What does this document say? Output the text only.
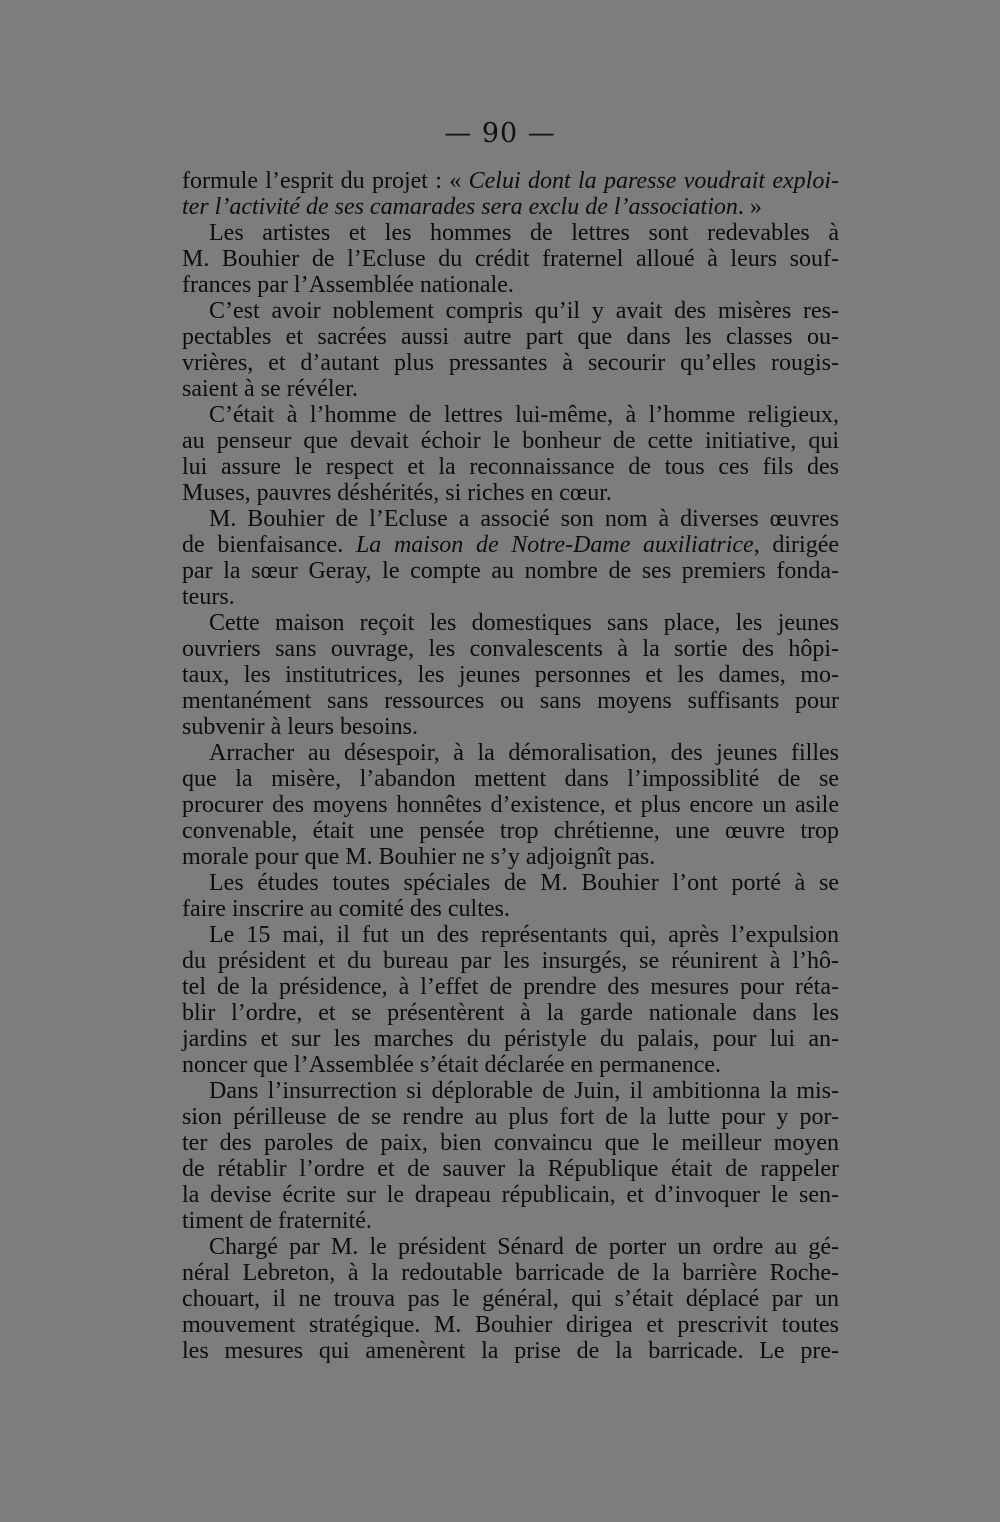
— 90 —
formule l’esprit du projet : « Celui dont la paresse voudrait exploi-
ter l’activité de ses camarades sera exclu de l’association. »
Les artistes et les hommes de lettres sont redevables à
M. Bouhier de l’Ecluse du crédit fraternel alloué à leurs souf-
frances par l’Assemblée nationale.
C’est avoir noblement compris qu’il y avait des misères res-
pectables et sacrées aussi autre part que dans les classes ou-
vrières, et d’autant plus pressantes à secourir qu’elles rougis-
saient à se révéler.
C’était à l’homme de lettres lui-même, à l’homme religieux,
au penseur que devait échoir le bonheur de cette initiative, qui
lui assure le respect et la reconnaissance de tous ces fils des
Muses, pauvres déshérités, si riches en cœur.
M. Bouhier de l’Ecluse a associé son nom à diverses œuvres
de bienfaisance. La maison de Notre-Dame auxiliatrice, dirigée
par la sœur Geray, le compte au nombre de ses premiers fonda-
teurs.
Cette maison reçoit les domestiques sans place, les jeunes
ouvriers sans ouvrage, les convalescents à la sortie des hôpi-
taux, les institutrices, les jeunes personnes et les dames, mo-
mentanément sans ressources ou sans moyens suffisants pour
subvenir à leurs besoins.
Arracher au désespoir, à la démoralisation, des jeunes filles
que la misère, l’abandon mettent dans l’impossiblité de se
procurer des moyens honnêtes d’existence, et plus encore un asile
convenable, était une pensée trop chrétienne, une œuvre trop
morale pour que M. Bouhier ne s’y adjoignît pas.
Les études toutes spéciales de M. Bouhier l’ont porté à se
faire inscrire au comité des cultes.
Le 15 mai, il fut un des représentants qui, après l’expulsion
du président et du bureau par les insurgés, se réunirent à l’hô-
tel de la présidence, à l’effet de prendre des mesures pour réta-
blir l’ordre, et se présentèrent à la garde nationale dans les
jardins et sur les marches du péristyle du palais, pour lui an-
noncer que l’Assemblée s’était déclarée en permanence.
Dans l’insurrection si déplorable de Juin, il ambitionna la mis-
sion périlleuse de se rendre au plus fort de la lutte pour y por-
ter des paroles de paix, bien convaincu que le meilleur moyen
de rétablir l’ordre et de sauver la République était de rappeler
la devise écrite sur le drapeau républicain, et d’invoquer le sen-
timent de fraternité.
Chargé par M. le président Sénard de porter un ordre au gé-
néral Lebreton, à la redoutable barricade de la barrière Roche-
chouart, il ne trouva pas le général, qui s’était déplacé par un
mouvement stratégique. M. Bouhier dirigea et prescrivit toutes
les mesures qui amenèrent la prise de la barricade. Le pre-
